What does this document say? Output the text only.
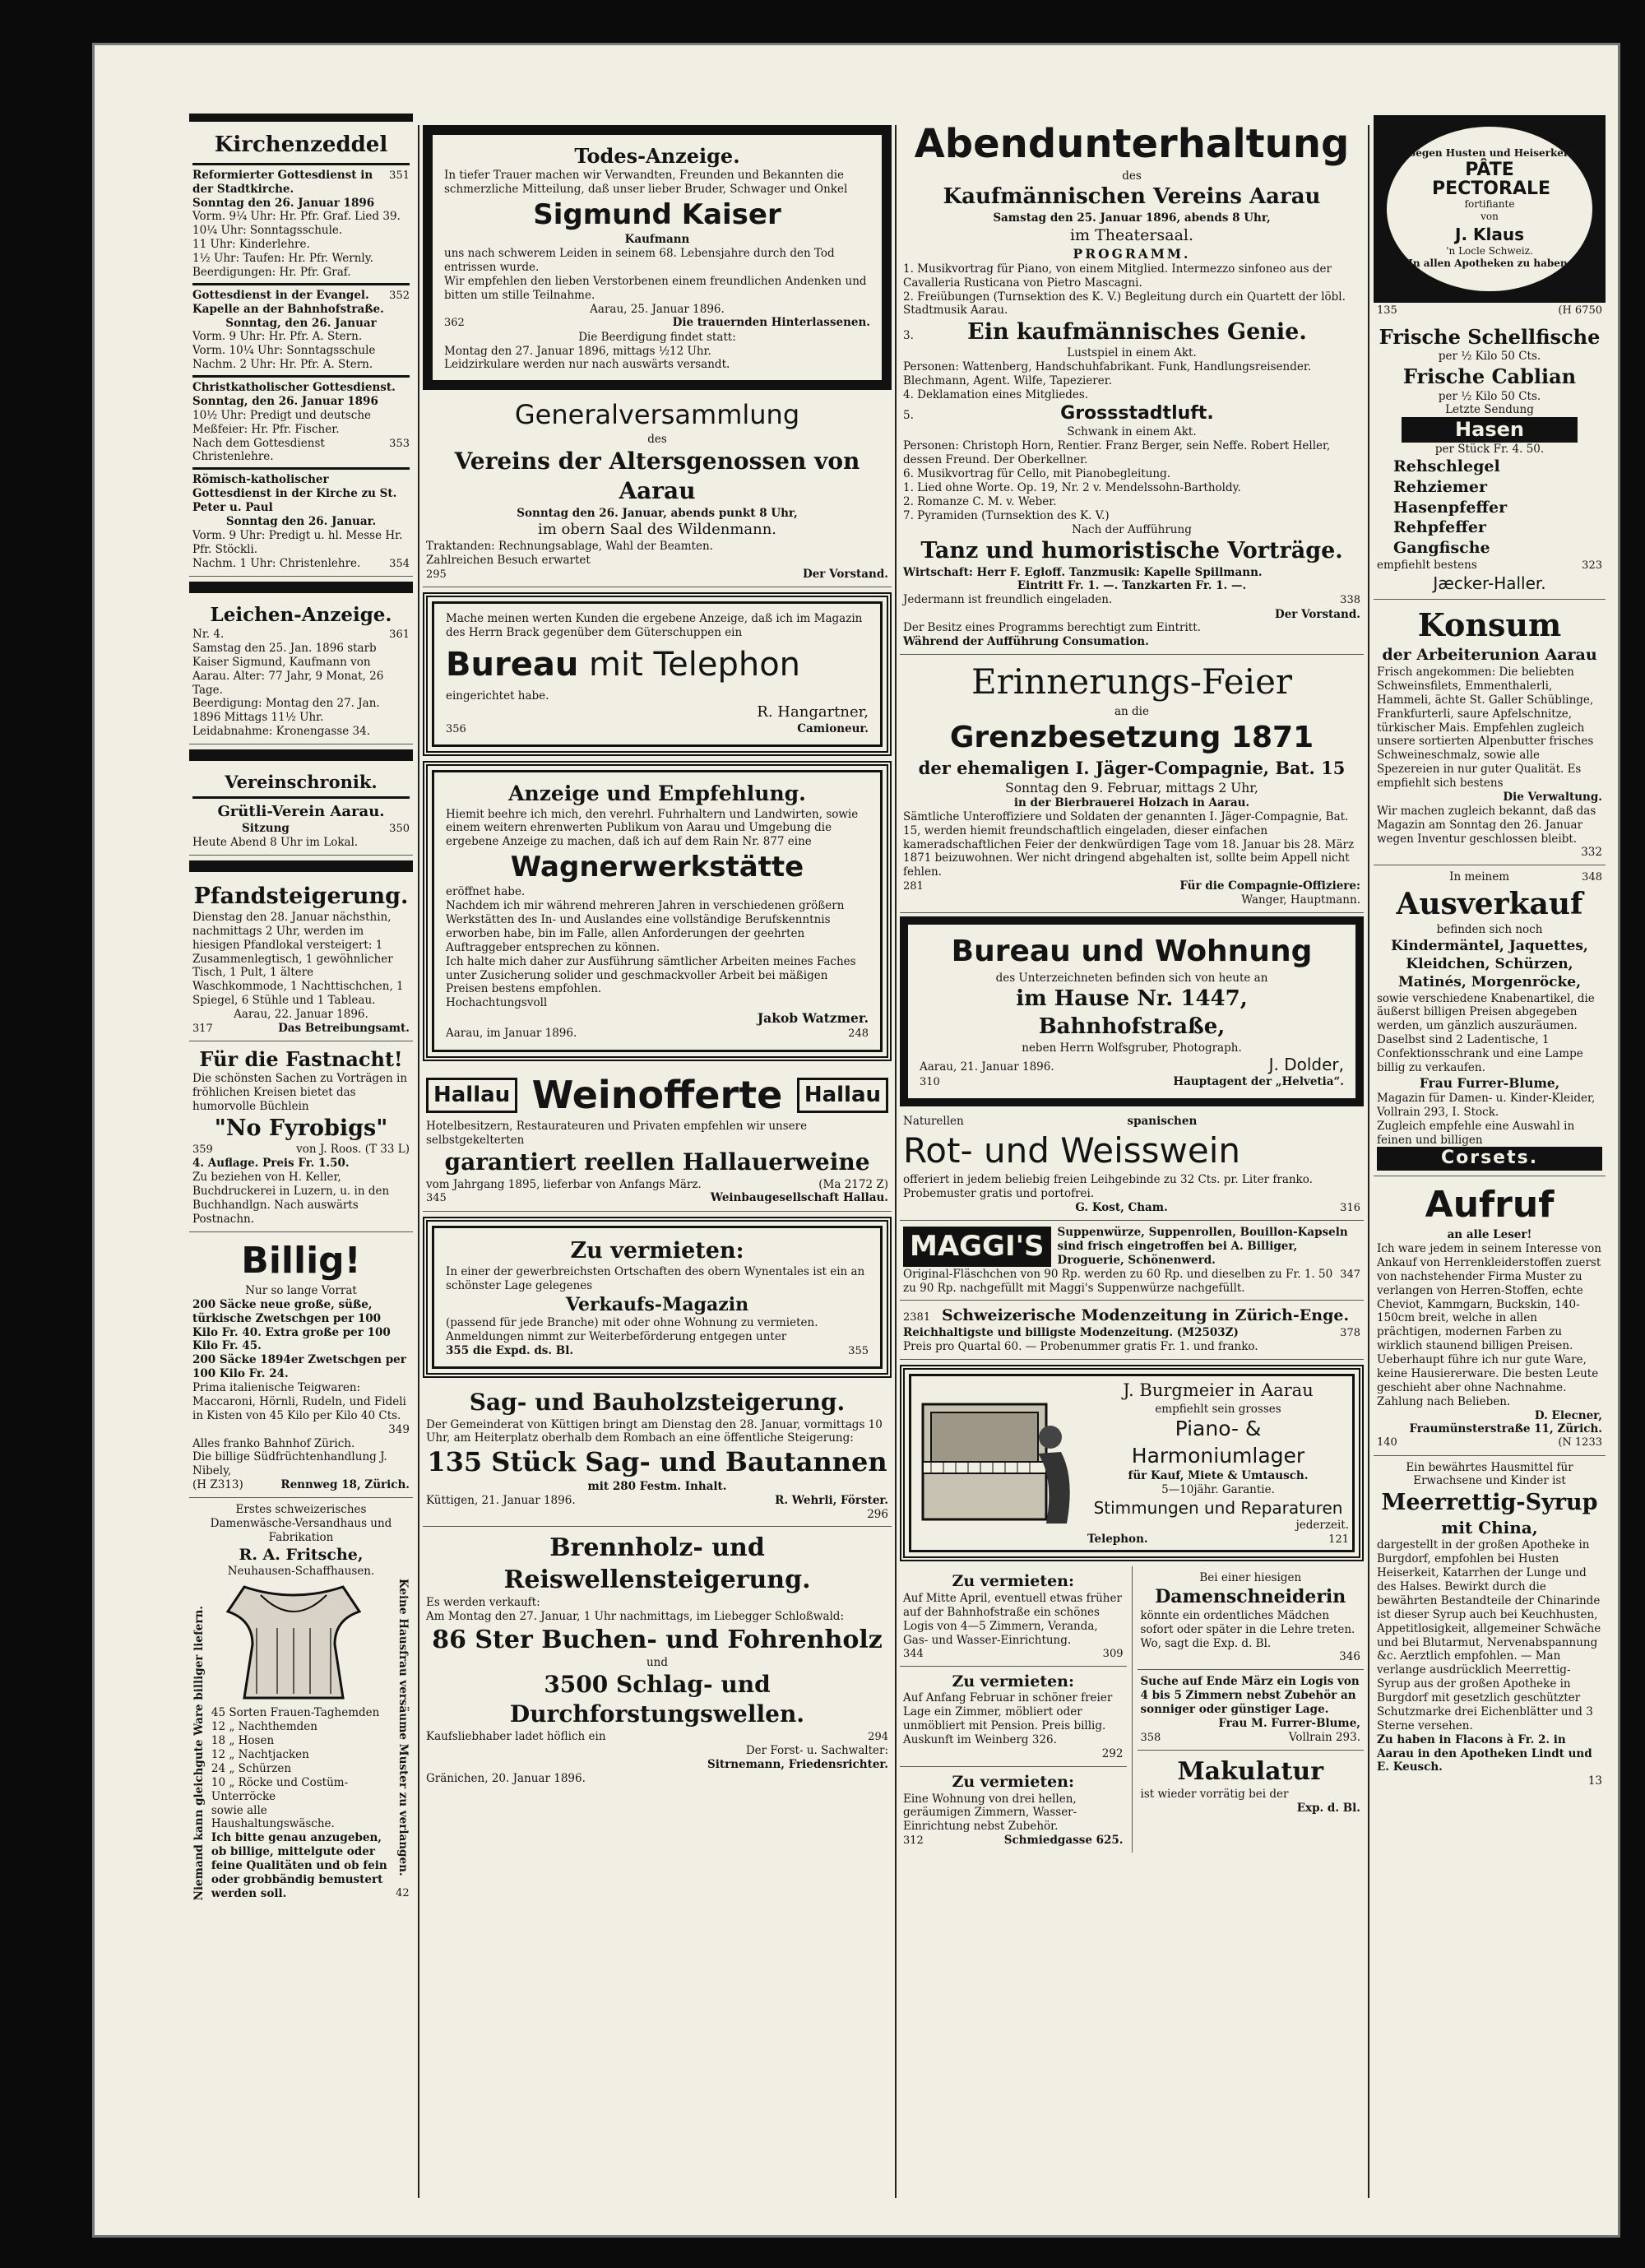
Kirchenzeddel
Reformierter Gottesdienst in der Stadtkirche.
351
Sonntag den 26. Januar 1896

Vorm. 9¼ Uhr: Hr. Pfr. Graf. Lied 39.

10¼ Uhr: Sonntagsschule.

11 Uhr: Kinderlehre.

1½ Uhr: Taufen: Hr. Pfr. Wernly.

Beerdigungen: Hr. Pfr. Graf.

Gottesdienst in der Evangel. Kapelle an der Bahnhofstraße.
352
Sonntag, den 26. Januar

Vorm. 9 Uhr: Hr. Pfr. A. Stern.

Vorm. 10¼ Uhr: Sonntagsschule

Nachm. 2 Uhr: Hr. Pfr. A. Stern.

Christkatholischer Gottesdienst.
Sonntag, den 26. Januar 1896

10½ Uhr: Predigt und deutsche Meßfeier: Hr. Pfr. Fischer.

Nach dem Gottesdienst Christenlehre.
353
Römisch-katholischer Gottesdienst in der Kirche zu St. Peter u. Paul
Sonntag den 26. Januar.

Vorm. 9 Uhr: Predigt u. hl. Messe Hr. Pfr. Stöckli.

Nachm. 1 Uhr: Christenlehre.	354
Leichen-Anzeige.
Nr. 4.	361

Samstag den 25. Jan. 1896 starb Kaiser Sigmund, Kaufmann von Aarau. Alter: 77 Jahr, 9 Monat, 26 Tage.

Beerdigung: Montag den 27. Jan. 1896 Mittags 11½ Uhr.

Leidabnahme: Kronengasse 34.

Vereinschronik.
Grütli-Verein Aarau.
Sitzung	350

Heute Abend 8 Uhr im Lokal.

Pfandsteigerung.

Dienstag den 28. Januar nächsthin, nachmittags 2 Uhr, werden im hiesigen Pfandlokal versteigert: 1 Zusammenlegtisch, 1 gewöhnlicher Tisch, 1 Pult, 1 ältere Waschkommode, 1 Nachttischchen, 1 Spiegel, 6 Stühle und 1 Tableau.

Aarau, 22. Januar 1896.

317	Das Betreibungsamt.
Für die Fastnacht!

Die schönsten Sachen zu Vorträgen in fröhlichen Kreisen bietet das humorvolle Büchlein

"No Fyrobigs"
359	von J. Roos. (T 33 L)

4. Auflage. Preis Fr. 1.50.

Zu beziehen von H. Keller, Buchdruckerei in Luzern, u. in den Buchhandlgn. Nach auswärts Postnachn.

Billig!

Nur so lange Vorrat

200 Säcke neue große, süße, türkische Zwetschgen per 100 Kilo Fr. 40. Extra große per 100 Kilo Fr. 45.

200 Säcke 1894er Zwetschgen per 100 Kilo Fr. 24.

Prima italienische Teigwaren: Maccaroni, Hörnli, Rudeln, und Fideli in Kisten von 45 Kilo per Kilo 40 Cts.

349

Alles franko Bahnhof Zürich.

Die billige Südfrüchtenhandlung J. Nibely,

(H Z313)	Rennweg 18, Zürich.

Erstes schweizerisches Damenwäsche-Versandhaus und Fabrikation

R. A. Fritsche,

Neuhausen-Schaffhausen.

Niemand kann gleichgute Ware billiger liefern. 45 Sorten Frauen-Taghemden

12 „ Nachthemden

18 „ Hosen

12 „ Nachtjacken

24 „ Schürzen

10 „ Röcke und Costüm-Unterröcke

sowie alle Haushaltungswäsche.

Ich bitte genau anzugeben, ob billige, mittelgute oder feine Qualitäten und ob fein oder grobbändig bemustert werden soll.

Keine Hausfrau versäume Muster zu verlangen.
42
Todes-Anzeige.

In tiefer Trauer machen wir Verwandten, Freunden und Bekannten die schmerzliche Mitteilung, daß unser lieber Bruder, Schwager und Onkel

Sigmund Kaiser

Kaufmann

uns nach schwerem Leiden in seinem 68. Lebensjahre durch den Tod entrissen wurde.

Wir empfehlen den lieben Verstorbenen einem freundlichen Andenken und bitten um stille Teilnahme.

Aarau, 25. Januar 1896.

362	Die trauernden Hinterlassenen.

Die Beerdigung findet statt:

Montag den 27. Januar 1896, mittags ½12 Uhr.

Leidzirkulare werden nur nach auswärts versandt.

Generalversammlung

des

Vereins der Altersgenossen von Aarau

Sonntag den 26. Januar, abends punkt 8 Uhr,

im obern Saal des Wildenmann.

Traktanden: Rechnungsablage, Wahl der Beamten.

Zahlreichen Besuch erwartet

295	Der Vorstand.

Mache meinen werten Kunden die ergebene Anzeige, daß ich im Magazin des Herrn Brack gegenüber dem Güterschuppen ein

Bureau mit Telephon

eingerichtet habe.

R. Hangartner,

356	Camioneur.
Anzeige und Empfehlung.

Hiemit beehre ich mich, den verehrl. Fuhrhaltern und Landwirten, sowie einem weitern ehrenwerten Publikum von Aarau und Umgebung die ergebene Anzeige zu machen, daß ich auf dem Rain Nr. 877 eine

Wagnerwerkstätte

eröffnet habe.

Nachdem ich mir während mehreren Jahren in verschiedenen größern Werkstätten des In- und Auslandes eine vollständige Berufskenntnis erworben habe, bin im Falle, allen Anforderungen der geehrten Auftraggeber entsprechen zu können.

Ich halte mich daher zur Ausführung sämtlicher Arbeiten meines Faches unter Zusicherung solider und geschmackvoller Arbeit bei mäßigen Preisen bestens empfohlen.

Hochachtungsvoll

Jakob Watzmer.

Aarau, im Januar 1896.	248
Hallau Weinofferte	Hallau

Hotelbesitzern, Restaurateuren und Privaten empfehlen wir unsere selbstgekelterten

garantiert reellen Hallauerweine
vom Jahrgang 1895, lieferbar von Anfangs März.	(Ma 2172 Z)
345	Weinbaugesellschaft Hallau.
Zu vermieten:

In einer der gewerbreichsten Ortschaften des obern Wynentales ist ein an schönster Lage gelegenes

Verkaufs-Magazin

(passend für jede Branche) mit oder ohne Wohnung zu vermieten.

Anmeldungen nimmt zur Weiterbeförderung entgegen unter

355 die Expd. ds. Bl.	355
Sag- und Bauholzsteigerung.

Der Gemeinderat von Küttigen bringt am Dienstag den 28. Januar, vormittags 10 Uhr, am Heiterplatz oberhalb dem Rombach an eine öffentliche Steigerung:

135 Stück Sag- und Bautannen

mit 280 Festm. Inhalt.

Küttigen, 21. Januar 1896.	R. Wehrli, Förster.

296

Brennholz- und Reiswellensteigerung.

Es werden verkauft:

Am Montag den 27. Januar, 1 Uhr nachmittags, im Liebegger Schloßwald:

86 Ster Buchen- und Fohrenholz

und

3500 Schlag- und Durchforstungswellen.
Kaufsliebhaber ladet höflich ein	294

Der Forst- u. Sachwalter:

Sitrnemann, Friedensrichter.

Gränichen, 20. Januar 1896.

Abendunterhaltung

des

Kaufmännischen Vereins Aarau

Samstag den 25. Januar 1896, abends 8 Uhr,

im Theatersaal.

PROGRAMM.

1. Musikvortrag für Piano, von einem Mitglied. Intermezzo sinfoneo aus der Cavalleria Rusticana von Pietro Mascagni.

2. Freiübungen (Turnsektion des K. V.) Begleitung durch ein Quartett der löbl. Stadtmusik Aarau.

3.	Ein kaufmännisches Genie.

Lustspiel in einem Akt.

Personen: Wattenberg, Handschuhfabrikant. Funk, Handlungsreisender. Blechmann, Agent. Wilfe, Tapezierer.

4. Deklamation eines Mitgliedes.

5.	Grossstadtluft.

Schwank in einem Akt.

Personen: Christoph Horn, Rentier. Franz Berger, sein Neffe. Robert Heller, dessen Freund. Der Oberkellner.

6. Musikvortrag für Cello, mit Pianobegleitung.

1. Lied ohne Worte. Op. 19, Nr. 2 v. Mendelssohn-Bartholdy.

2. Romanze C. M. v. Weber.

7. Pyramiden (Turnsektion des K. V.)

Nach der Aufführung

Tanz und humoristische Vorträge.

Wirtschaft: Herr F. Egloff. Tanzmusik: Kapelle Spillmann.

Eintritt Fr. 1. —. Tanzkarten Fr. 1. —.

Jedermann ist freundlich eingeladen.	338

Der Vorstand.

Der Besitz eines Programms berechtigt zum Eintritt.

Während der Aufführung Consumation.

Erinnerungs-Feier

an die

Grenzbesetzung 1871
der ehemaligen I. Jäger-Compagnie, Bat. 15

Sonntag den 9. Februar, mittags 2 Uhr,

in der Bierbrauerei Holzach in Aarau.

Sämtliche Unteroffiziere und Soldaten der genannten I. Jäger-Compagnie, Bat. 15, werden hiemit freundschaftlich eingeladen, dieser einfachen kameradschaftlichen Feier der denkwürdigen Tage vom 18. Januar bis 28. März 1871 beizuwohnen. Wer nicht dringend abgehalten ist, sollte beim Appell nicht fehlen.

281	Für die Compagnie-Offiziere:

Wanger, Hauptmann.

Bureau und Wohnung

des Unterzeichneten befinden sich von heute an

im Hause Nr. 1447, Bahnhofstraße,

neben Herrn Wolfsgruber, Photograph.

Aarau, 21. Januar 1896.	J. Dolder,
310	Hauptagent der „Helvetia“.
Naturellen	spanischen
Rot- und Weisswein

offeriert in jedem beliebig freien Leihgebinde zu 32 Cts. pr. Liter franko. Probemuster gratis und portofrei.

G. Kost, Cham.	316
MAGGI'S	Suppenwürze, Suppenrollen, Bouillon-Kapseln sind frisch eingetroffen bei A. Billiger, Droguerie, Schönenwerd.
Original-Fläschchen von 90 Rp. werden zu 60 Rp. und dieselben zu Fr. 1. 50 zu 90 Rp. nachgefüllt mit Maggi's Suppenwürze nachgefüllt.
347
2381 Schweizerische Modenzeitung in Zürich-Enge.
Reichhaltigste und billigste Modenzeitung. (M2503Z)	378

Preis pro Quartal 60. — Probenummer gratis Fr. 1. und franko.

J. Burgmeier in Aarau

empfiehlt sein grosses

Piano- & Harmoniumlager

für Kauf, Miete & Umtausch.

5—10jähr. Garantie.

Stimmungen und Reparaturen

jederzeit.

Telephon.	121
Zu vermieten:

Auf Mitte April, eventuell etwas früher auf der Bahnhofstraße ein schönes Logis von 4—5 Zimmern, Veranda, Gas- und Wasser-Einrichtung.

344	309
Zu vermieten:

Auf Anfang Februar in schöner freier Lage ein Zimmer, möbliert oder unmöbliert mit Pension. Preis billig. Auskunft im Weinberg 326.

292

Zu vermieten:

Eine Wohnung von drei hellen, geräumigen Zimmern, Wasser-Einrichtung nebst Zubehör.

312	Schmiedgasse 625.

Bei einer hiesigen

Damenschneiderin

könnte ein ordentliches Mädchen sofort oder später in die Lehre treten. Wo, sagt die Exp. d. Bl.

346

Suche auf Ende März ein Logis von 4 bis 5 Zimmern nebst Zubehör an sonniger oder günstiger Lage.

Frau M. Furrer-Blume,

358	Vollrain 293.
Makulatur

ist wieder vorrätig bei der

Exp. d. Bl.

Gegen Husten und Heiserkeit

PÂTE PECTORALE

fortifiante

von

J. Klaus

'n Locle Schweiz.

In allen Apotheken zu haben.

135	(H 6750
Frische Schellfische

per ½ Kilo 50 Cts.

Frische Cablian

per ½ Kilo 50 Cts.

Letzte Sendung

Hasen

per Stück Fr. 4. 50.

Rehschlegel

Rehziemer

Hasenpfeffer

Rehpfeffer

Gangfische

empfiehlt bestens	323

Jæcker-Haller.

Konsum
der Arbeiterunion Aarau

Frisch angekommen: Die beliebten Schweinsfilets, Emmenthalerli, Hammeli, ächte St. Galler Schüblinge, Frankfurterli, saure Apfelschnitze, türkischer Mais. Empfehlen zugleich unsere sortierten Alpenbutter frisches Schweineschmalz, sowie alle Spezereien in nur guter Qualität. Es empfiehlt sich bestens

Die Verwaltung.

Wir machen zugleich bekannt, daß das Magazin am Sonntag den 26. Januar wegen Inventur geschlossen bleibt.

332

In meinem	348
Ausverkauf

befinden sich noch

Kindermäntel, Jaquettes, Kleidchen, Schürzen, Matinés, Morgenröcke,

sowie verschiedene Knabenartikel, die äußerst billigen Preisen abgegeben werden, um gänzlich auszuräumen.

Daselbst sind 2 Ladentische, 1 Confektionsschrank und eine Lampe billig zu verkaufen.

Frau Furrer-Blume,

Magazin für Damen- u. Kinder-Kleider, Vollrain 293, I. Stock.

Zugleich empfehle eine Auswahl in feinen und billigen

Corsets.
Aufruf

an alle Leser!

Ich ware jedem in seinem Interesse von Ankauf von Herrenkleiderstoffen zuerst von nachstehender Firma Muster zu verlangen von Herren-Stoffen, echte Cheviot, Kammgarn, Buckskin, 140-150cm breit, welche in allen prächtigen, modernen Farben zu wirklich staunend billigen Preisen. Ueberhaupt führe ich nur gute Ware, keine Hausiererware. Die besten Leute geschieht aber ohne Nachnahme. Zahlung nach Belieben.

D. Elecner,

Fraumünsterstraße 11, Zürich.

140	(N 1233

Ein bewährtes Hausmittel für Erwachsene und Kinder ist

Meerrettig-Syrup
mit China,

dargestellt in der großen Apotheke in Burgdorf, empfohlen bei Husten Heiserkeit, Katarrhen der Lunge und des Halses. Bewirkt durch die bewährten Bestandteile der Chinarinde ist dieser Syrup auch bei Keuchhusten, Appetitlosigkeit, allgemeiner Schwäche und bei Blutarmut, Nervenabspannung &c. Aerztlich empfohlen. — Man verlange ausdrücklich Meerrettig-Syrup aus der großen Apotheke in Burgdorf mit gesetzlich geschützter Schutzmarke drei Eichenblätter und 3 Sterne versehen.

Zu haben in Flacons à Fr. 2. in Aarau in den Apotheken Lindt und E. Keusch.

13
